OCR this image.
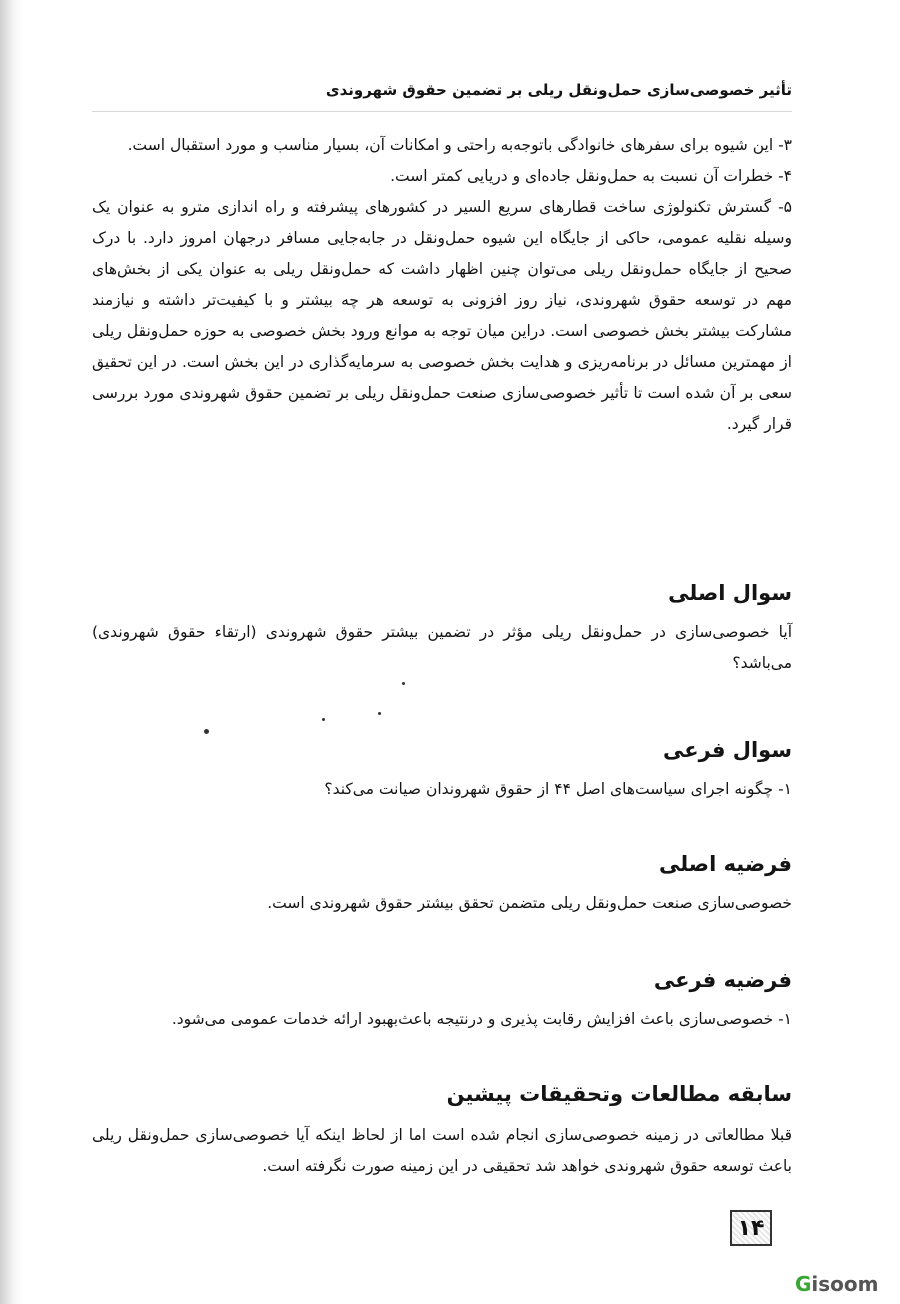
​
تأثیر خصوصی‌سازی حمل‌ونقل ریلی بر تضمین حقوق شهروندی

۳- این شیوه برای سفرهای خانوادگی باتوجه‌به راحتی و امکانات آن، بسیار مناسب و مورد استقبال است.

۴- خطرات آن نسبت به حمل‌ونقل جاده‌ای و دریایی کمتر است.

۵- گسترش تکنولوژی ساخت قطارهای سریع السیر در کشورهای پیشرفته و راه اندازی مترو به عنوان یک وسیله نقلیه عمومی، حاکی از جایگاه این شیوه حمل‌ونقل در جابه‌جایی مسافر درجهان امروز دارد. با درک صحیح از جایگاه حمل‌ونقل ریلی می‌توان چنین اظهار داشت که حمل‌ونقل ریلی به عنوان یکی از بخش‌های مهم در توسعه حقوق شهروندی، نیاز روز افزونی به توسعه هر چه بیشتر و با کیفیت‌تر داشته و نیازمند مشارکت بیشتر بخش خصوصی است. دراین میان توجه به موانع ورود بخش خصوصی به حوزه حمل‌ونقل ریلی از مهمترین مسائل در برنامه‌ریزی و هدایت بخش خصوصی به سرمایه‌گذاری در این بخش است. در این تحقیق سعی بر آن شده است تا تأثیر خصوصی‌سازی صنعت حمل‌ونقل ریلی بر تضمین حقوق شهروندی مورد بررسی قرار گیرد.

سوال اصلی

آیا خصوصی‌سازی در حمل‌ونقل ریلی مؤثر در تضمین بیشتر حقوق شهروندی (ارتقاء حقوق شهروندی) می‌باشد؟

سوال فرعی

۱- چگونه اجرای سیاست‌های اصل ۴۴ از حقوق شهروندان صیانت می‌کند؟

فرضیه اصلی

خصوصی‌سازی صنعت حمل‌ونقل ریلی متضمن تحقق بیشتر حقوق شهروندی است.

فرضیه فرعی

۱- خصوصی‌سازی باعث افزایش رقابت پذیری و درنتیجه باعث‌بهبود ارائه خدمات عمومی می‌شود.

سابقه مطالعات وتحقیقات پیشین

قبلا مطالعاتی در زمینه خصوصی‌سازی انجام شده است اما از لحاظ اینکه آیا خصوصی‌سازی حمل‌ونقل ریلی باعث توسعه حقوق شهروندی خواهد شد تحقیقی در این زمینه صورت نگرفته است.

۱۴
Gisoom
